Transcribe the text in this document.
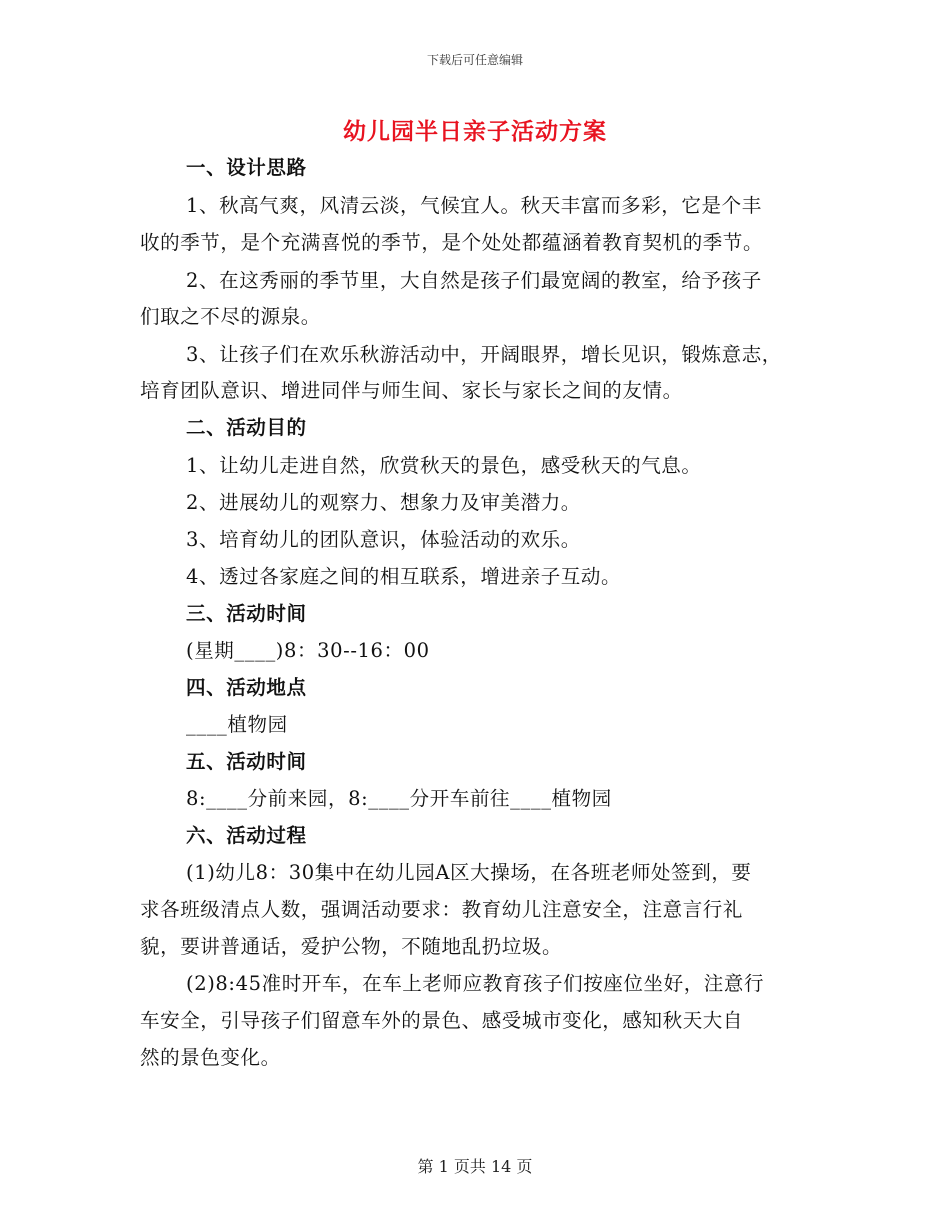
下载后可任意编辑
幼儿园半日亲子活动方案
一、设计思路
1、秋高气爽，风清云淡，气候宜人。秋天丰富而多彩，它是个丰
收的季节，是个充满喜悦的季节，是个处处都蕴涵着教育契机的季节。
2、在这秀丽的季节里，大自然是孩子们最宽阔的教室，给予孩子
们取之不尽的源泉。
3、让孩子们在欢乐秋游活动中，开阔眼界，增长见识，锻炼意志，
培育团队意识、增进同伴与师生间、家长与家长之间的友情。
二、活动目的
1、让幼儿走进自然，欣赏秋天的景色，感受秋天的气息。
2、进展幼儿的观察力、想象力及审美潜力。
3、培育幼儿的团队意识，体验活动的欢乐。
4、透过各家庭之间的相互联系，增进亲子互动。
三、活动时间
(星期____)8：30--16：00
四、活动地点
____植物园
五、活动时间
8:____分前来园，8:____分开车前往____植物园
六、活动过程
(1)幼儿8：30集中在幼儿园A区大操场，在各班老师处签到，要
求各班级清点人数，强调活动要求：教育幼儿注意安全，注意言行礼
貌，要讲普通话，爱护公物，不随地乱扔垃圾。
(2)8:45准时开车，在车上老师应教育孩子们按座位坐好，注意行
车安全，引导孩子们留意车外的景色、感受城市变化，感知秋天大自
然的景色变化。
第 1 页共 14 页
